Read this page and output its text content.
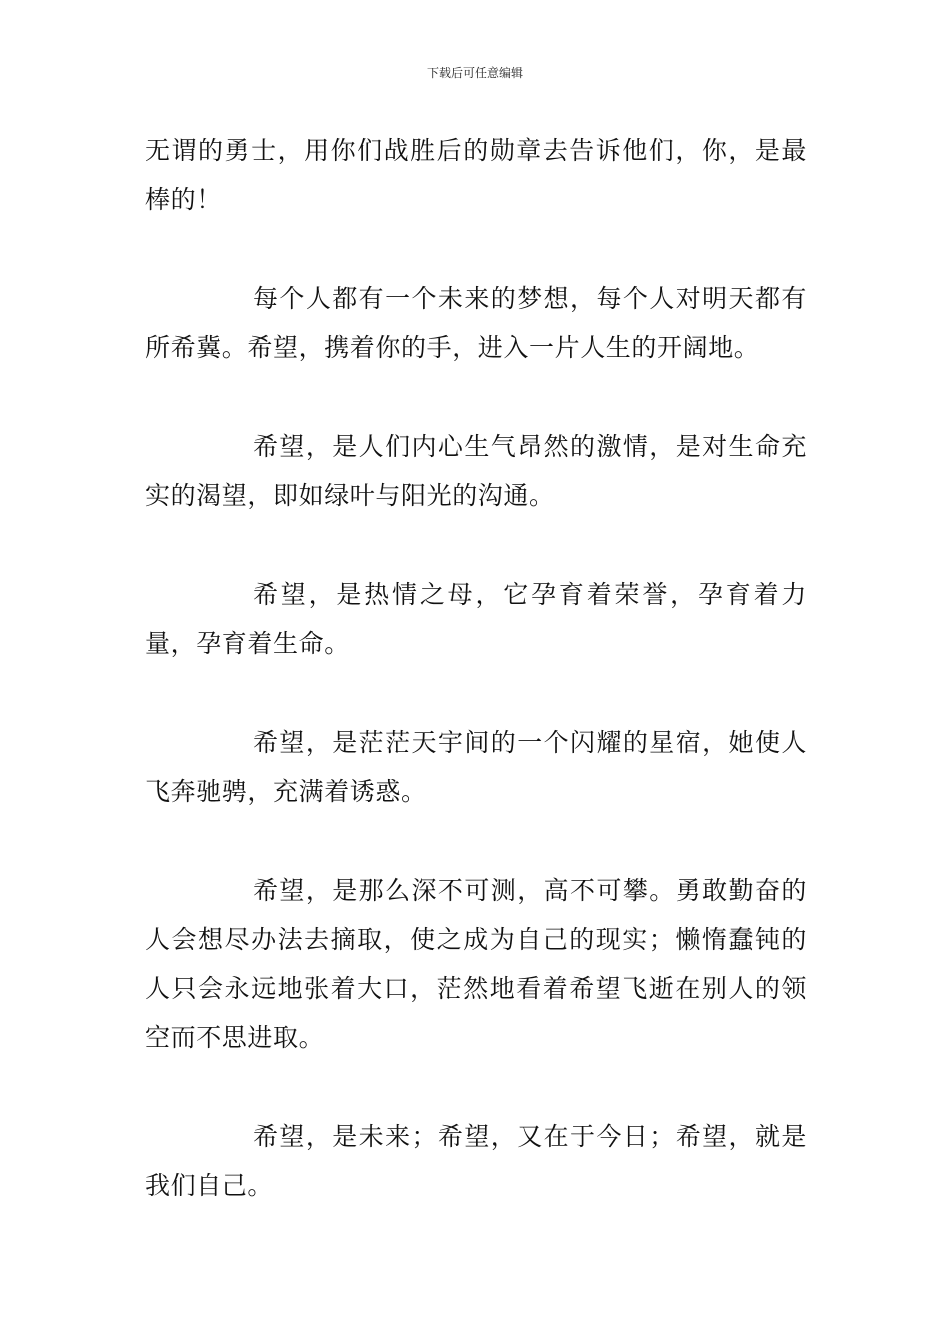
下载后可任意编辑

无谓的勇士，用你们战胜后的勋章去告诉他们，你，是最棒的！

每个人都有一个未来的梦想，每个人对明天都有所希冀。希望，携着你的手，进入一片人生的开阔地。

希望，是人们内心生气昂然的激情，是对生命充实的渴望，即如绿叶与阳光的沟通。

希望，是热情之母，它孕育着荣誉，孕育着力量，孕育着生命。

希望，是茫茫天宇间的一个闪耀的星宿，她使人飞奔驰骋，充满着诱惑。

希望，是那么深不可测，高不可攀。勇敢勤奋的人会想尽办法去摘取，使之成为自己的现实；懒惰蠢钝的人只会永远地张着大口，茫然地看着希望飞逝在别人的领空而不思进取。

希望，是未来；希望，又在于今日；希望，就是我们自己。
